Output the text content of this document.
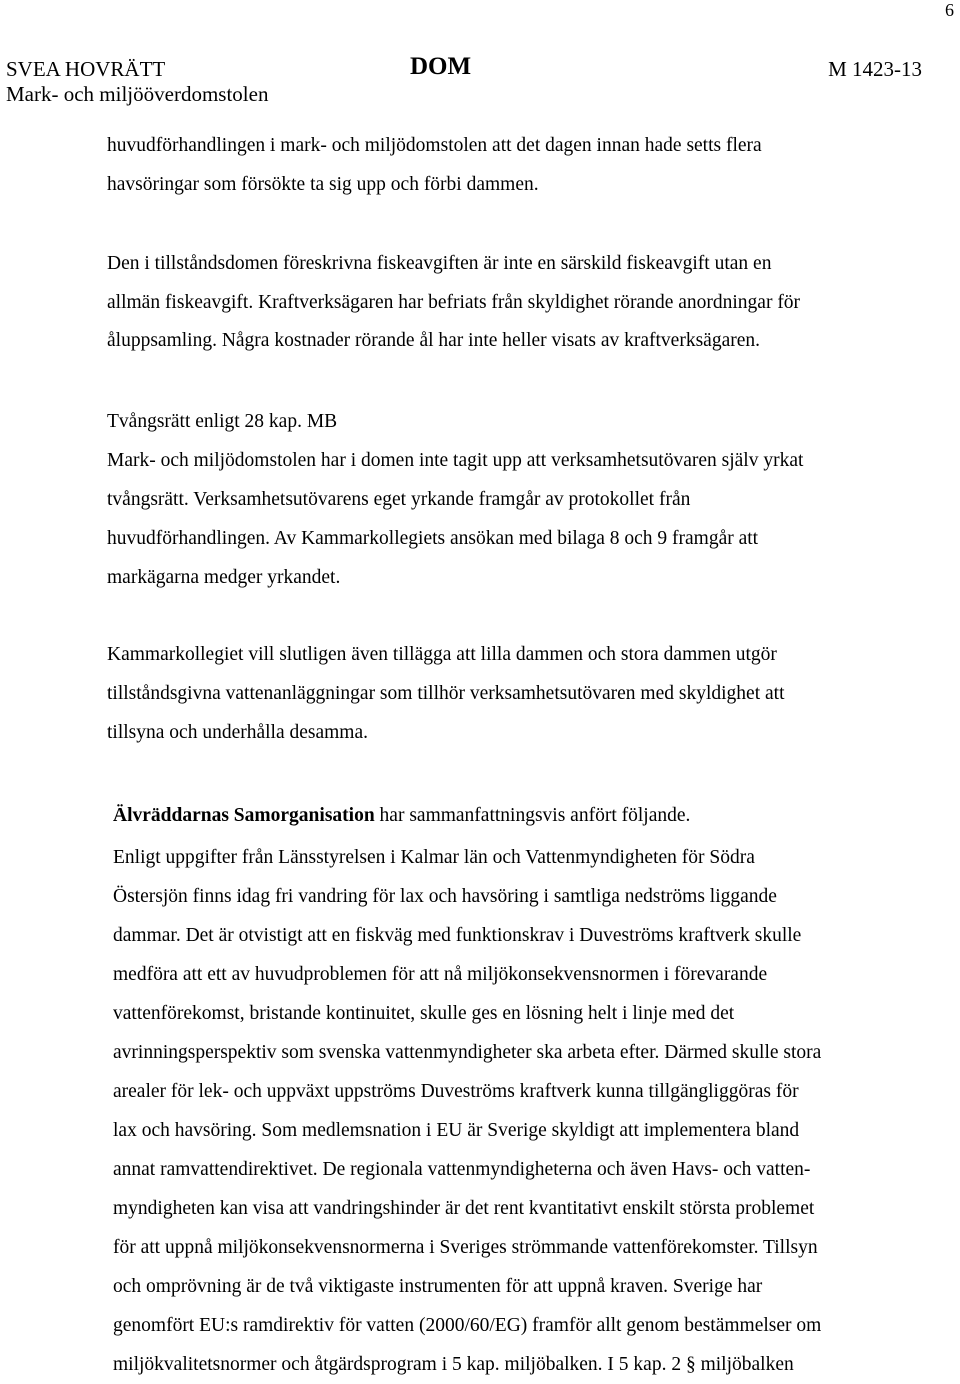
6
SVEA HOVRÄTT
Mark- och miljööverdomstolen
DOM	M 1423-13
huvudförhandlingen i mark- och miljödomstolen att det dagen innan hade setts flera
havsöringar som försökte ta sig upp och förbi dammen.
Den i tillståndsdomen föreskrivna fiskeavgiften är inte en särskild fiskeavgift utan en
allmän fiskeavgift. Kraftverksägaren har befriats från skyldighet rörande anordningar för
åluppsamling. Några kostnader rörande ål har inte heller visats av kraftverksägaren.
Tvångsrätt enligt 28 kap. MB
Mark- och miljödomstolen har i domen inte tagit upp att verksamhetsutövaren själv yrkat
tvångsrätt. Verksamhetsutövarens eget yrkande framgår av protokollet från
huvudförhandlingen. Av Kammarkollegiets ansökan med bilaga 8 och 9 framgår att
markägarna medger yrkandet.
Kammarkollegiet vill slutligen även tillägga att lilla dammen och stora dammen utgör
tillståndsgivna vattenanläggningar som tillhör verksamhetsutövaren med skyldighet att
tillsyna och underhålla desamma.
Älvräddarnas Samorganisation har sammanfattningsvis anfört följande.
Enligt uppgifter från Länsstyrelsen i Kalmar län och Vattenmyndigheten för Södra
Östersjön finns idag fri vandring för lax och havsöring i samtliga nedströms liggande
dammar. Det är otvistigt att en fiskväg med funktionskrav i Duveströms kraftverk skulle
medföra att ett av huvudproblemen för att nå miljökonsekvensnormen i förevarande
vattenförekomst, bristande kontinuitet, skulle ges en lösning helt i linje med det
avrinningsperspektiv som svenska vattenmyndigheter ska arbeta efter. Därmed skulle stora
arealer för lek- och uppväxt uppströms Duveströms kraftverk kunna tillgängliggöras för
lax och havsöring. Som medlemsnation i EU är Sverige skyldigt att implementera bland
annat ramvattendirektivet. De regionala vattenmyndigheterna och även Havs- och vatten-
myndigheten kan visa att vandringshinder är det rent kvantitativt enskilt största problemet
för att uppnå miljökonsekvensnormerna i Sveriges strömmande vattenförekomster. Tillsyn
och omprövning är de två viktigaste instrumenten för att uppnå kraven. Sverige har
genomfört EU:s ramdirektiv för vatten (2000/60/EG) framför allt genom bestämmelser om
miljökvalitetsnormer och åtgärdsprogram i 5 kap. miljöbalken. I 5 kap. 2 § miljöbalken
